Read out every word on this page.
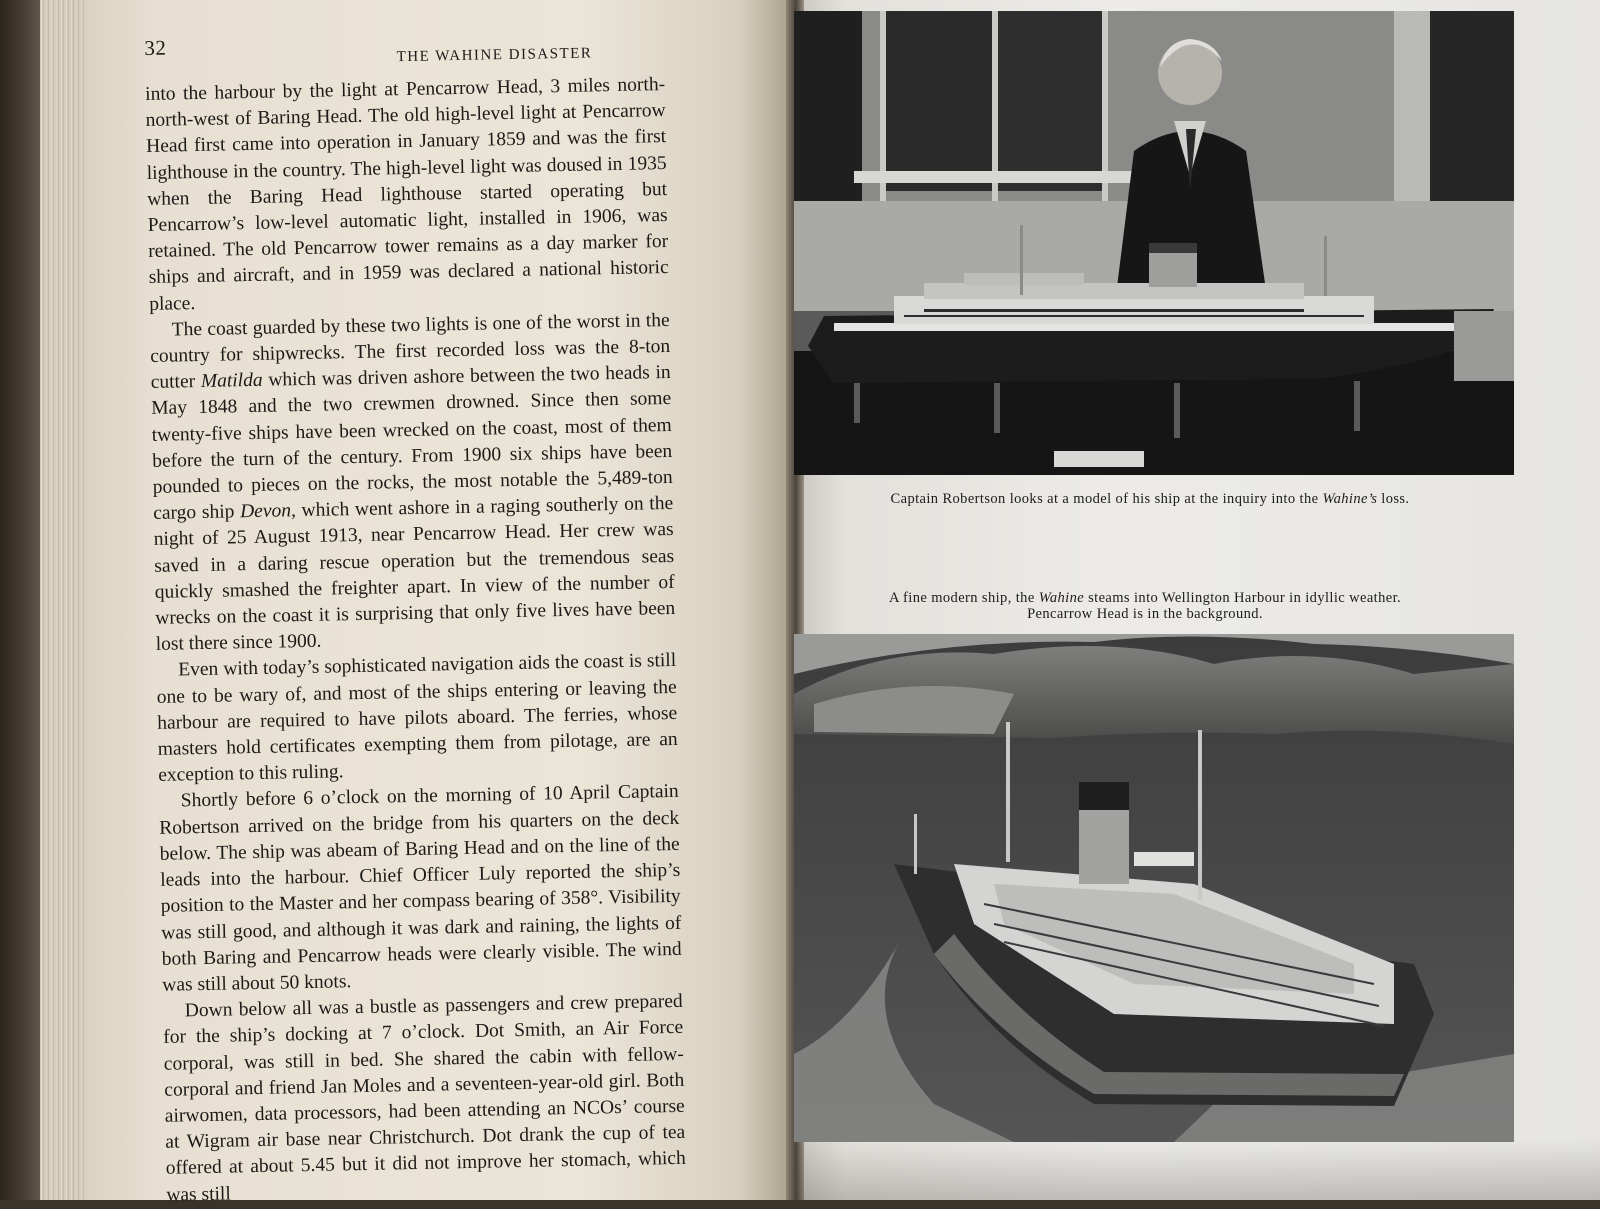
32	THE WAHINE DISASTER

into the harbour by the light at Pencarrow Head, 3 miles north-north-west of Baring Head. The old high-level light at Pencarrow Head first came into operation in January 1859 and was the first lighthouse in the country. The high-level light was doused in 1935 when the Baring Head lighthouse started operating but Pencarrow’s low-level automatic light, installed in 1906, was retained. The old Pencarrow tower remains as a day marker for ships and aircraft, and in 1959 was declared a national historic place.

The coast guarded by these two lights is one of the worst in the country for shipwrecks. The first recorded loss was the 8-ton cutter Matilda which was driven ashore between the two heads in May 1848 and the two crewmen drowned. Since then some twenty-five ships have been wrecked on the coast, most of them before the turn of the century. From 1900 six ships have been pounded to pieces on the rocks, the most notable the 5,489-ton cargo ship Devon, which went ashore in a raging southerly on the night of 25 August 1913, near Pencarrow Head. Her crew was saved in a daring rescue operation but the tremendous seas quickly smashed the freighter apart. In view of the number of wrecks on the coast it is surprising that only five lives have been lost there since 1900.

Even with today’s sophisticated navigation aids the coast is still one to be wary of, and most of the ships entering or leaving the harbour are required to have pilots aboard. The ferries, whose masters hold certificates exempting them from pilotage, are an exception to this ruling.

Shortly before 6 o’clock on the morning of 10 April Captain Robertson arrived on the bridge from his quarters on the deck below. The ship was abeam of Baring Head and on the line of the leads into the harbour. Chief Officer Luly reported the ship’s position to the Master and her compass bearing of 358°. Visibility was still good, and although it was dark and raining, the lights of both Baring and Pencarrow heads were clearly visible. The wind was still about 50 knots.

Down below all was a bustle as passengers and crew prepared for the ship’s docking at 7 o’clock. Dot Smith, an Air Force corporal, was still in bed. She shared the cabin with fellow-corporal and friend Jan Moles and a seventeen-year-old girl. Both airwomen, data processors, had been attending an NCOs’ course at Wigram air base near Christchurch. Dot drank the cup of tea offered at about 5.45 but it did not improve her stomach, which was still

Captain Robertson looks at a model of his ship at the inquiry into the Wahine’s loss.
A fine modern ship, the Wahine steams into Wellington Harbour in idyllic weather. Pencarrow Head is in the background.
